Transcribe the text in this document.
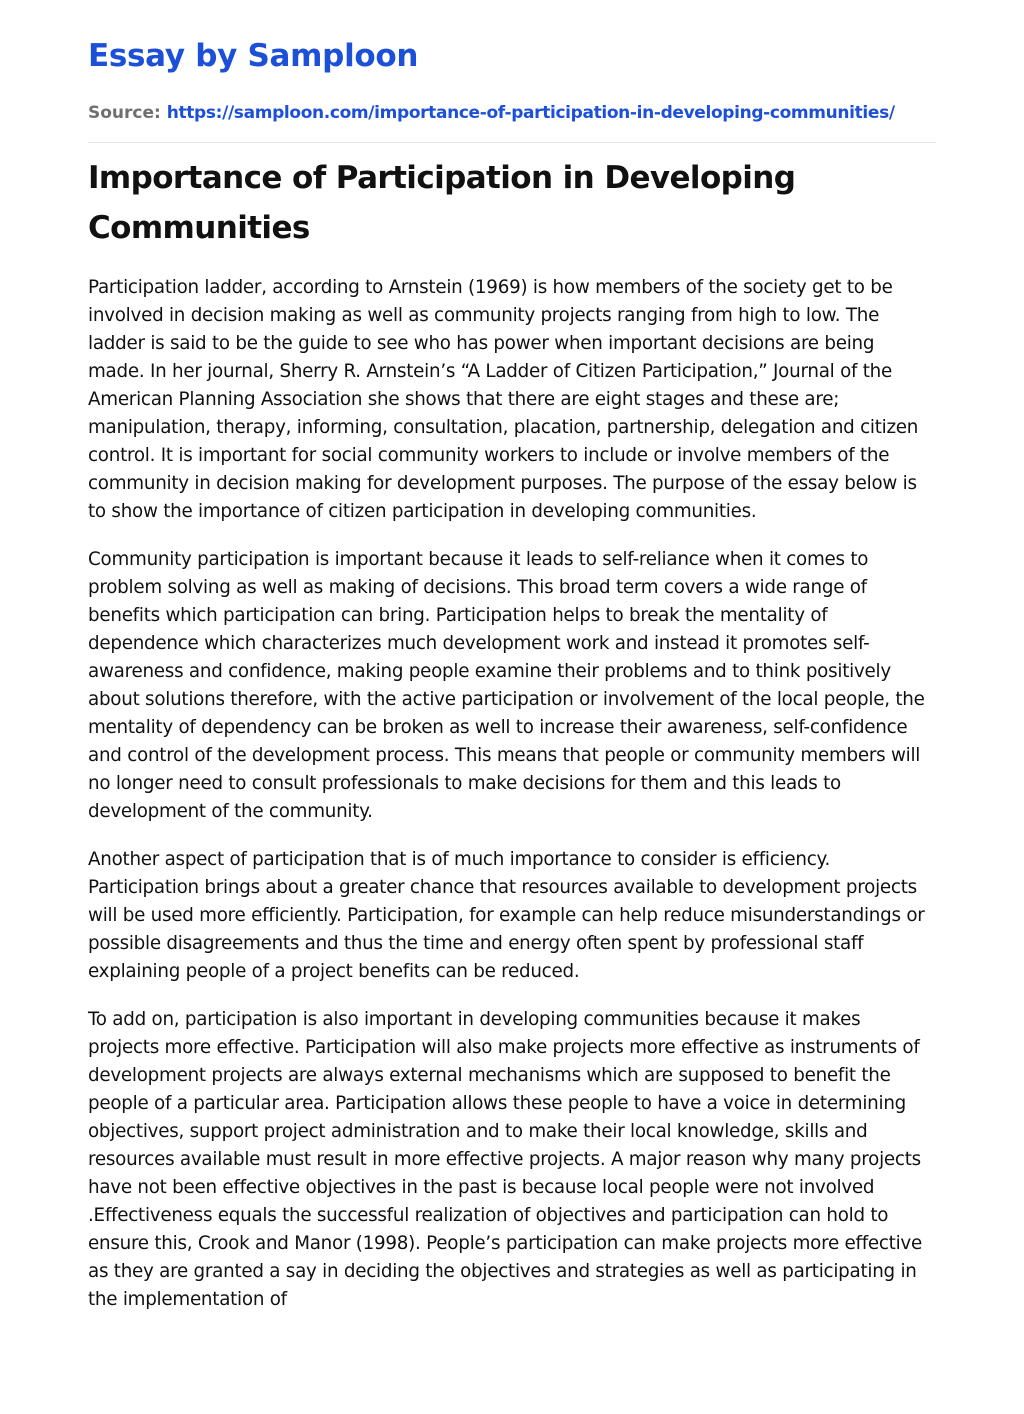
Essay by Samploon
Source: https://samploon.com/importance-of-participation-in-developing-communities/
Importance of Participation in Developing Communities

Participation ladder, according to Arnstein (1969) is how members of the society get to be involved in decision making as well as community projects ranging from high to low. The ladder is said to be the guide to see who has power when important decisions are being made. In her journal, Sherry R. Arnstein’s “A Ladder of Citizen Participation,” Journal of the American Planning Association she shows that there are eight stages and these are; manipulation, therapy, informing, consultation, placation, partnership, delegation and citizen control. It is important for social community workers to include or involve members of the community in decision making for development purposes. The purpose of the essay below is to show the importance of citizen participation in developing communities.

Community participation is important because it leads to self-reliance when it comes to problem solving as well as making of decisions. This broad term covers a wide range of benefits which participation can bring. Participation helps to break the mentality of dependence which characterizes much development work and instead it promotes self-awareness and confidence, making people examine their problems and to think positively about solutions therefore, with the active participation or involvement of the local people, the mentality of dependency can be broken as well to increase their awareness, self-confidence and control of the development process. This means that people or community members will no longer need to consult professionals to make decisions for them and this leads to development of the community.

Another aspect of participation that is of much importance to consider is efficiency. Participation brings about a greater chance that resources available to development projects will be used more efficiently. Participation, for example can help reduce misunderstandings or possible disagreements and thus the time and energy often spent by professional staff explaining people of a project benefits can be reduced.

To add on, participation is also important in developing communities because it makes projects more effective. Participation will also make projects more effective as instruments of development projects are always external mechanisms which are supposed to benefit the people of a particular area. Participation allows these people to have a voice in determining objectives, support project administration and to make their local knowledge, skills and resources available must result in more effective projects. A major reason why many projects have not been effective objectives in the past is because local people were not involved .Effectiveness equals the successful realization of objectives and participation can hold to ensure this, Crook and Manor (1998). People’s participation can make projects more effective as they are granted a say in deciding the objectives and strategies as well as participating in the implementation of
